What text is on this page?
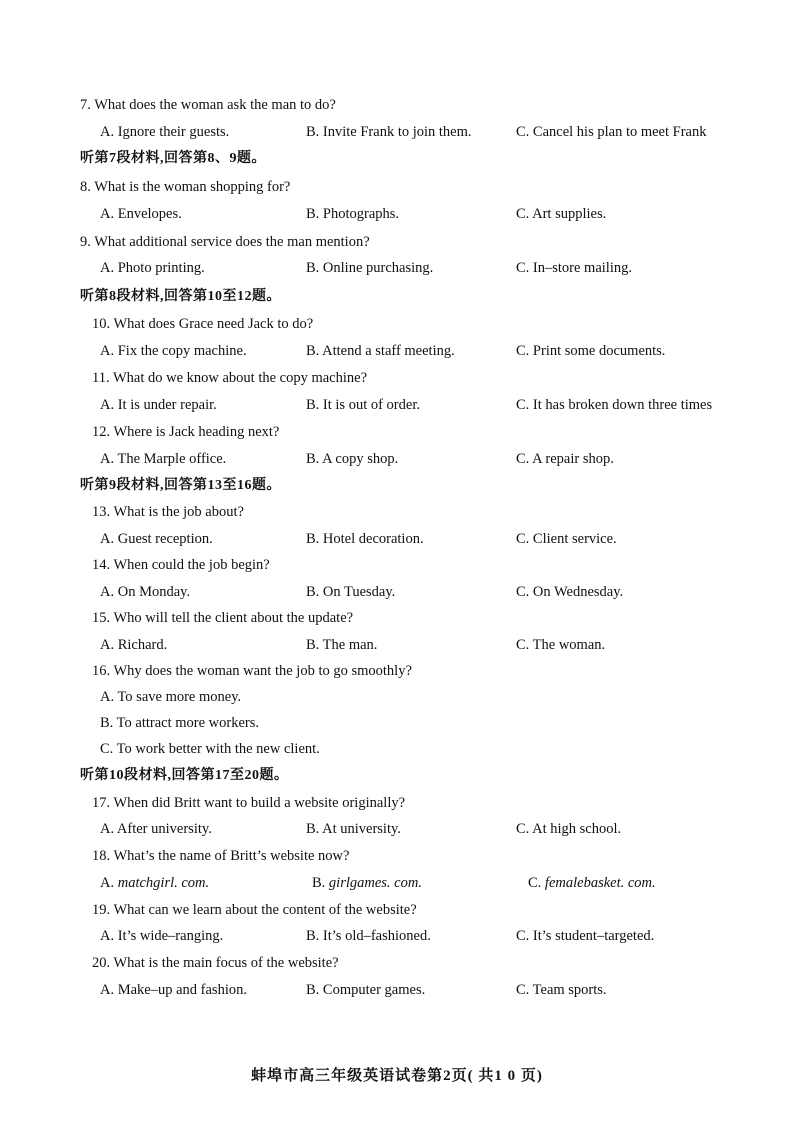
7. What does the woman ask the man to do?
A. Ignore their guests.	B. Invite Frank to join them.	C. Cancel his plan to meet Frank
听第7段材料,回答第8、9题。
8. What is the woman shopping for?
A. Envelopes.	B. Photographs.	C. Art supplies.
9. What additional service does the man mention?
A. Photo printing.	B. Online purchasing.	C. In–store mailing.
听第8段材料,回答第10至12题。
10. What does Grace need Jack to do?
A. Fix the copy machine.	B. Attend a staff meeting.	C. Print some documents.
11. What do we know about the copy machine?
A. It is under repair.	B. It is out of order.	C. It has broken down three times
12. Where is Jack heading next?
A. The Marple office.	B. A copy shop.	C. A repair shop.
听第9段材料,回答第13至16题。
13. What is the job about?
A. Guest reception.	B. Hotel decoration.	C. Client service.
14. When could the job begin?
A. On Monday.	B. On Tuesday.	C. On Wednesday.
15. Who will tell the client about the update?
A. Richard.	B. The man.	C. The woman.
16. Why does the woman want the job to go smoothly?
A. To save more money.
B. To attract more workers.
C. To work better with the new client.
听第10段材料,回答第17至20题。
17. When did Britt want to build a website originally?
A. After university.	B. At university.	C. At high school.
18. What’s the name of Britt’s website now?
A. matchgirl. com.	B. girlgames. com.	C. femalebasket. com.
19. What can we learn about the content of the website?
A. It’s wide–ranging.	B. It’s old–fashioned.	C. It’s student–targeted.
20. What is the main focus of the website?
A. Make–up and fashion.	B. Computer games.	C. Team sports.
蚌埠市高三年级英语试卷第2页( 共1 0 页)
